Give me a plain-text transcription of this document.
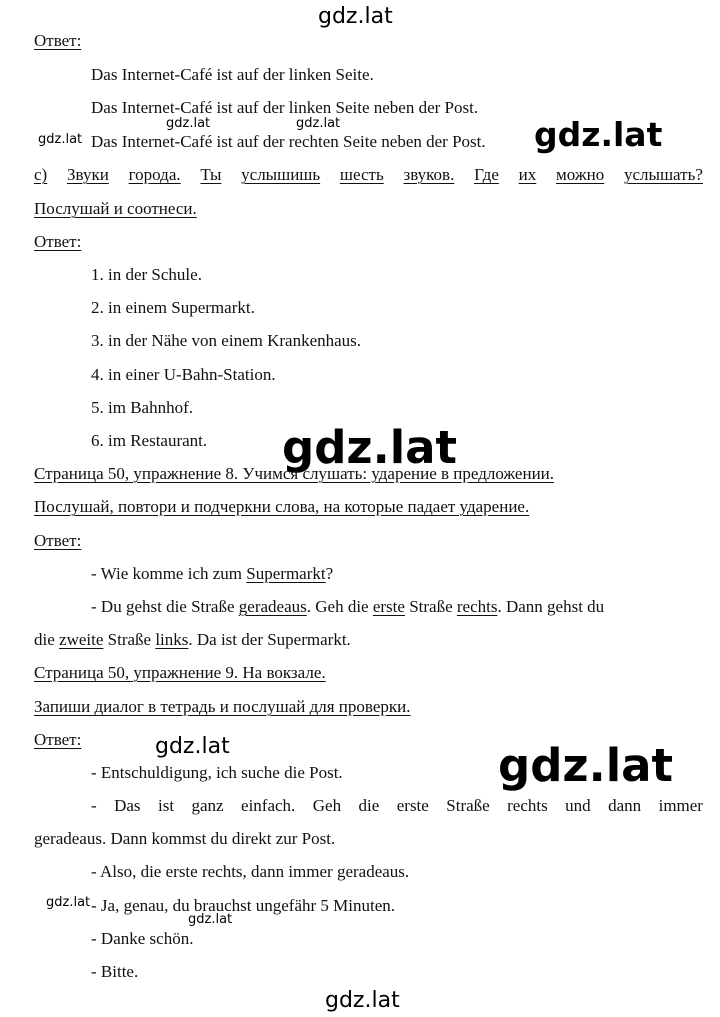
gdz.lat
gdz.lat	gdz.lat
gdz.lat	gdz.lat
gdz.lat
gdz.lat	gdz.lat
gdz.lat
gdz.lat
gdz.lat
Ответ:
Das Internet-Café ist auf der linken Seite.
Das Internet-Café ist auf der linken Seite neben der Post.
Das Internet-Café ist auf der rechten Seite neben der Post.
c) Звуки города. Ты услышишь шесть звуков. Где их можно услышать?
Послушай и соотнеси.
Ответ:
1. in der Schule.
2. in einem Supermarkt.
3. in der Nähe von einem Krankenhaus.
4. in einer U-Bahn-Station.
5. im Bahnhof.
6. im Restaurant.
Страница 50, упражнение 8. Учимся слушать: ударение в предложении.
Послушай, повтори и подчеркни слова, на которые падает ударение.
Ответ:
- Wie komme ich zum Supermarkt?
- Du gehst die Straße geradeaus. Geh die erste Straße rechts. Dann gehst du
die zweite Straße links. Da ist der Supermarkt.
Страница 50, упражнение 9. На вокзале.
Запиши диалог в тетрадь и послушай для проверки.
Ответ:
- Entschuldigung, ich suche die Post.
- Das ist ganz einfach. Geh die erste Straße rechts und dann immer
geradeaus. Dann kommst du direkt zur Post.
- Also, die erste rechts, dann immer geradeaus.
- Ja, genau, du brauchst ungefähr 5 Minuten.
- Danke schön.
- Bitte.
